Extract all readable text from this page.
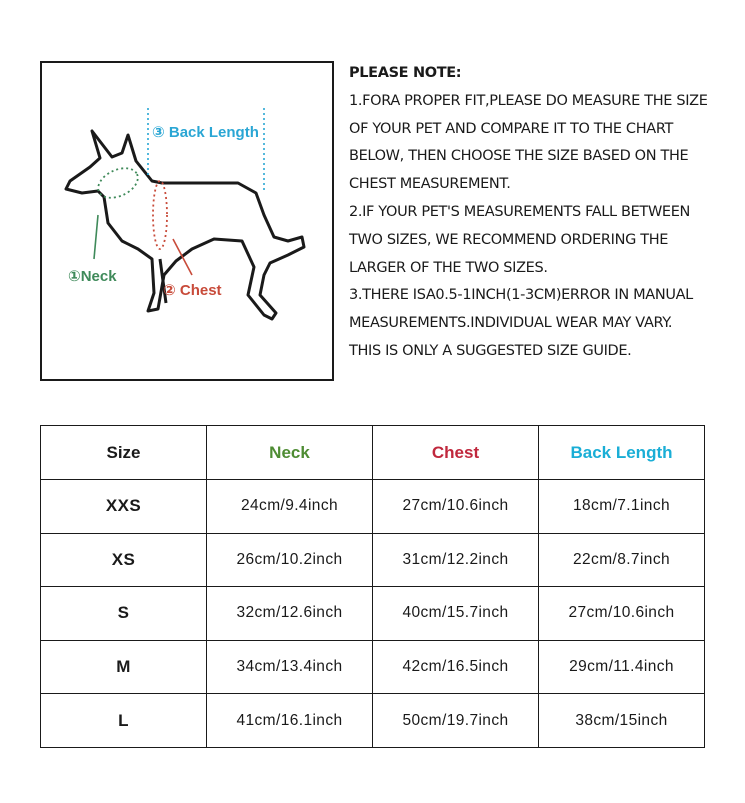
③ Back Length
①Neck
② Chest
PLEASE NOTE:
1.FORA PROPER FIT,PLEASE DO MEASURE THE SIZE
OF YOUR PET AND COMPARE IT TO THE CHART
BELOW, THEN CHOOSE THE SIZE BASED ON THE
CHEST MEASUREMENT.
2.IF YOUR PET'S MEASUREMENTS FALL BETWEEN
TWO SIZES, WE RECOMMEND ORDERING THE
LARGER OF THE TWO SIZES.
3.THERE ISA0.5-1INCH(1-3CM)ERROR IN MANUAL
MEASUREMENTS.INDIVIDUAL WEAR MAY VARY.
THIS IS ONLY A SUGGESTED SIZE GUIDE.
Size	Neck	Chest	Back Length
XXS	24cm/9.4inch	27cm/10.6inch	18cm/7.1inch
XS	26cm/10.2inch	31cm/12.2inch	22cm/8.7inch
S	32cm/12.6inch	40cm/15.7inch	27cm/10.6inch
M	34cm/13.4inch	42cm/16.5inch	29cm/11.4inch
L	41cm/16.1inch	50cm/19.7inch	38cm/15inch
